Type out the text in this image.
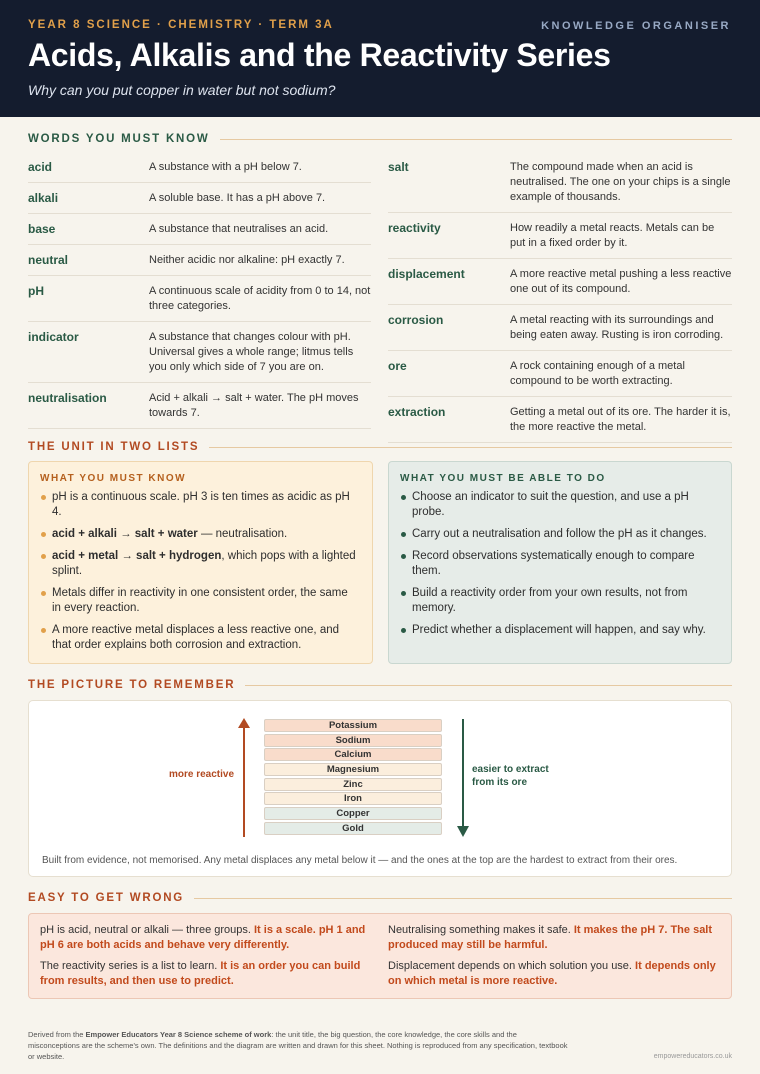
YEAR 8 SCIENCE · CHEMISTRY · TERM 3A	KNOWLEDGE ORGANISER
Acids, Alkalis and the Reactivity Series
Why can you put copper in water but not sodium?
WORDS YOU MUST KNOW
acid	A substance with a pH below 7.
alkali	A soluble base. It has a pH above 7.
base	A substance that neutralises an acid.
neutral	Neither acidic nor alkaline: pH exactly 7.
pH	A continuous scale of acidity from 0 to 14, not three categories.
indicator	A substance that changes colour with pH. Universal gives a whole range; litmus tells you only which side of 7 you are on.
neutralisation	Acid + alkali → salt + water. The pH moves towards 7.
salt	The compound made when an acid is neutralised. The one on your chips is a single example of thousands.
reactivity	How readily a metal reacts. Metals can be put in a fixed order by it.
displacement	A more reactive metal pushing a less reactive one out of its compound.
corrosion	A metal reacting with its surroundings and being eaten away. Rusting is iron corroding.
ore	A rock containing enough of a metal compound to be worth extracting.
extraction	Getting a metal out of its ore. The harder it is, the more reactive the metal.
THE UNIT IN TWO LISTS
WHAT YOU MUST KNOW
pH is a continuous scale. pH 3 is ten times as acidic as pH 4.
acid + alkali → salt + water — neutralisation.
acid + metal → salt + hydrogen, which pops with a lighted splint.
Metals differ in reactivity in one consistent order, the same in every reaction.
A more reactive metal displaces a less reactive one, and that order explains both corrosion and extraction.
WHAT YOU MUST BE ABLE TO DO
Choose an indicator to suit the question, and use a pH probe.
Carry out a neutralisation and follow the pH as it changes.
Record observations systematically enough to compare them.
Build a reactivity order from your own results, not from memory.
Predict whether a displacement will happen, and say why.
THE PICTURE TO REMEMBER
more reactive
Potassium
Sodium
Calcium
Magnesium
Zinc
Iron
Copper
Gold
easier to extract
from its ore
Built from evidence, not memorised. Any metal displaces any metal below it — and the ones at the top are the hardest to extract from their ores.
EASY TO GET WRONG
pH is acid, neutral or alkali — three groups. It is a scale. pH 1 and pH 6 are both acids and behave very differently.
The reactivity series is a list to learn. It is an order you can build from results, and then use to predict.
Neutralising something makes it safe. It makes the pH 7. The salt produced may still be harmful.
Displacement depends on which solution you use. It depends only on which metal is more reactive.
Derived from the Empower Educators Year 8 Science scheme of work: the unit title, the big question, the core knowledge, the core skills and the misconceptions are the scheme's own. The definitions and the diagram are written and drawn for this sheet. Nothing is reproduced from any specification, textbook or website.	empowereducators.co.uk
